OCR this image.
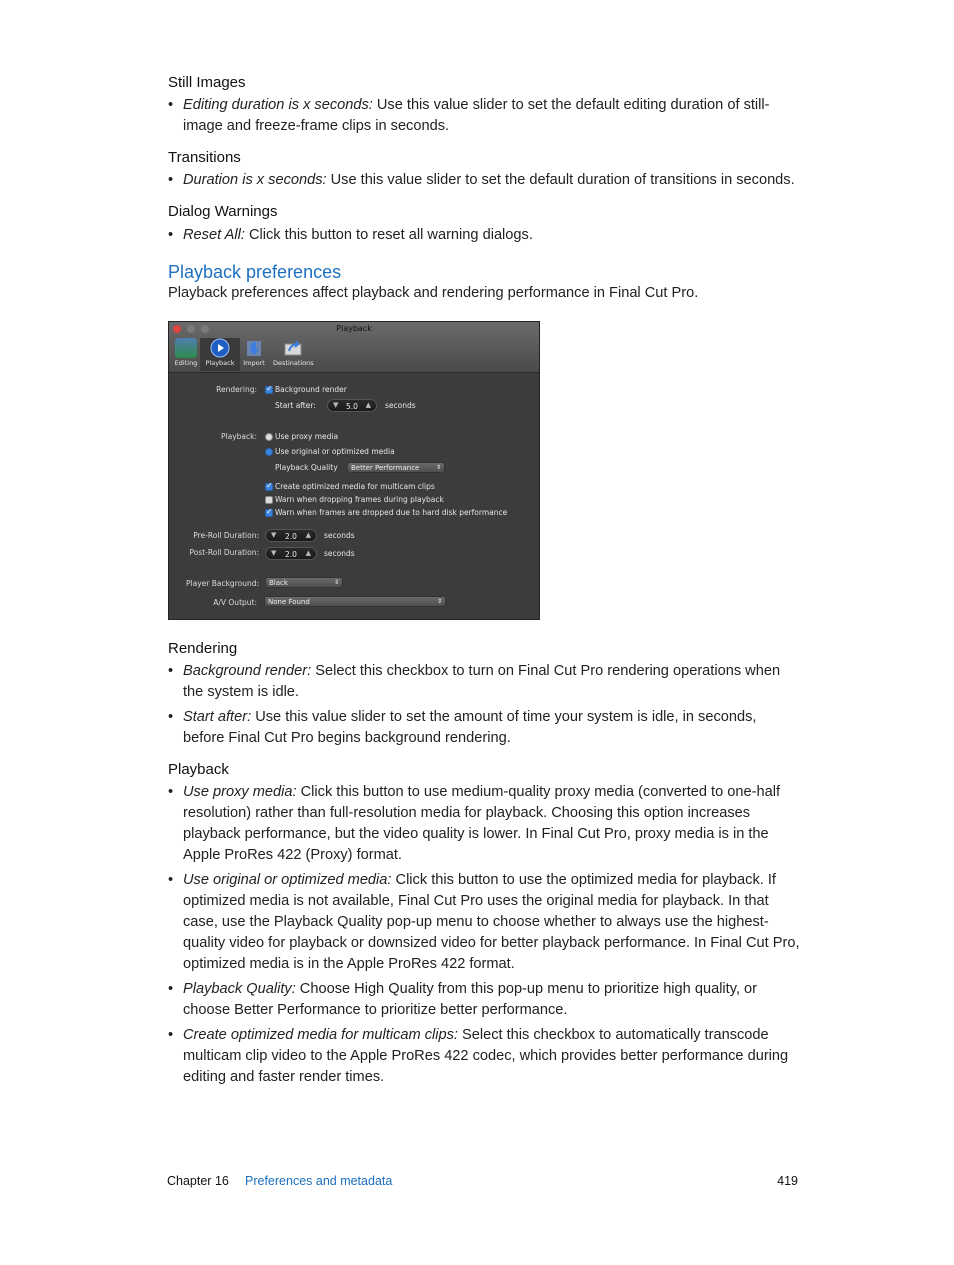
Still Images
• Editing duration is x seconds: Use this value slider to set the default editing duration of still-image and freeze-frame clips in seconds.
Transitions
• Duration is x seconds: Use this value slider to set the default duration of transitions in seconds.
Dialog Warnings
• Reset All: Click this button to reset all warning dialogs.
Playback preferences

Playback preferences affect playback and rendering performance in Final Cut Pro.

Rendering
• Background render: Select this checkbox to turn on Final Cut Pro rendering operations when the system is idle.
• Start after: Use this value slider to set the amount of time your system is idle, in seconds, before Final Cut Pro begins background rendering.
Playback
• Use proxy media: Click this button to use medium-quality proxy media (converted to one-half resolution) rather than full-resolution media for playback. Choosing this option increases playback performance, but the video quality is lower. In Final Cut Pro, proxy media is in the Apple ProRes 422 (Proxy) format.
• Use original or optimized media: Click this button to use the optimized media for playback. If optimized media is not available, Final Cut Pro uses the original media for playback. In that case, use the Playback Quality pop-up menu to choose whether to always use the highest-quality video for playback or downsized video for better playback performance. In Final Cut Pro, optimized media is in the Apple ProRes 422 format.
• Playback Quality: Choose High Quality from this pop-up menu to prioritize high quality, or choose Better Performance to prioritize better performance.
• Create optimized media for multicam clips: Select this checkbox to automatically transcode multicam clip video to the Apple ProRes 422 codec, which provides better performance during editing and faster render times.
Playback
Editing	Playback	Import	Destinations
Rendering:
✓ Background render
Start after: ▼	5.0	▲ seconds
Playback: Use proxy media
Use original or optimized media
Playback Quality	Better Performance	⇕
✓
Create optimized media for multicam clips
Warn when dropping frames during playback
✓
Warn when frames are dropped due to hard disk performance
Pre-Roll Duration: ▼	2.0	▲ seconds
Post-Roll Duration: ▼	2.0	▲ seconds
Player Background:	Black	⇕
A/V Output:	None Found	⇕
Chapter 16 Preferences and metadata	419
